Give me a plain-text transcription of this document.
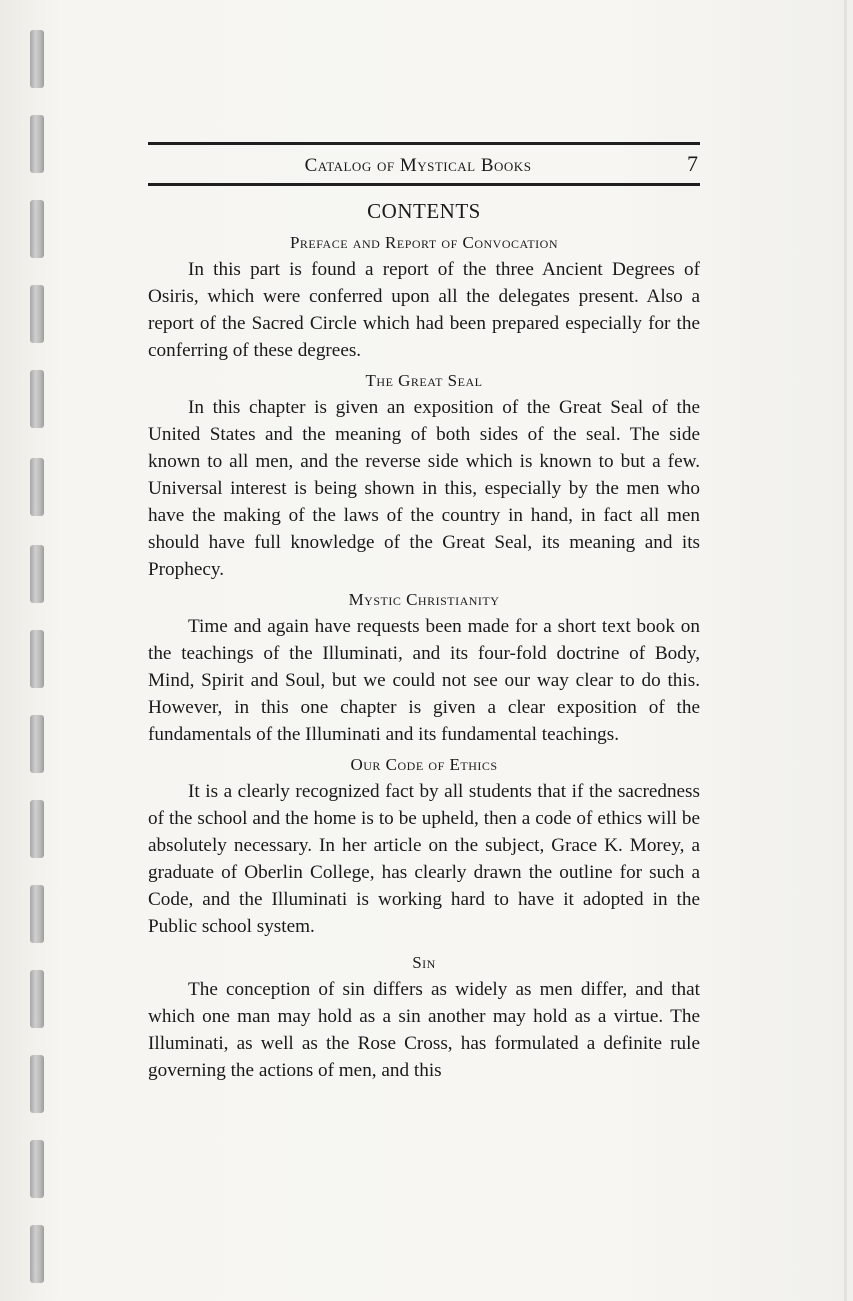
Catalog of Mystical Books	7
CONTENTS
Preface and Report of Convocation

In this part is found a report of the three Ancient Degrees of Osiris, which were conferred upon all the delegates present. Also a report of the Sacred Circle which had been prepared especially for the conferring of these degrees.

The Great Seal

In this chapter is given an exposition of the Great Seal of the United States and the meaning of both sides of the seal. The side known to all men, and the reverse side which is known to but a few. Universal interest is being shown in this, especially by the men who have the making of the laws of the country in hand, in fact all men should have full knowledge of the Great Seal, its meaning and its Prophecy.

Mystic Christianity

Time and again have requests been made for a short text book on the teachings of the Illuminati, and its four-fold doctrine of Body, Mind, Spirit and Soul, but we could not see our way clear to do this. However, in this one chapter is given a clear exposition of the fundamentals of the Illuminati and its fundamental teachings.

Our Code of Ethics

It is a clearly recognized fact by all students that if the sacredness of the school and the home is to be upheld, then a code of ethics will be absolutely necessary. In her article on the subject, Grace K. Morey, a graduate of Oberlin College, has clearly drawn the outline for such a Code, and the Illuminati is working hard to have it adopted in the Public school system.

Sin

The conception of sin differs as widely as men differ, and that which one man may hold as a sin another may hold as a virtue. The Illuminati, as well as the Rose Cross, has formulated a definite rule governing the actions of men, and this
